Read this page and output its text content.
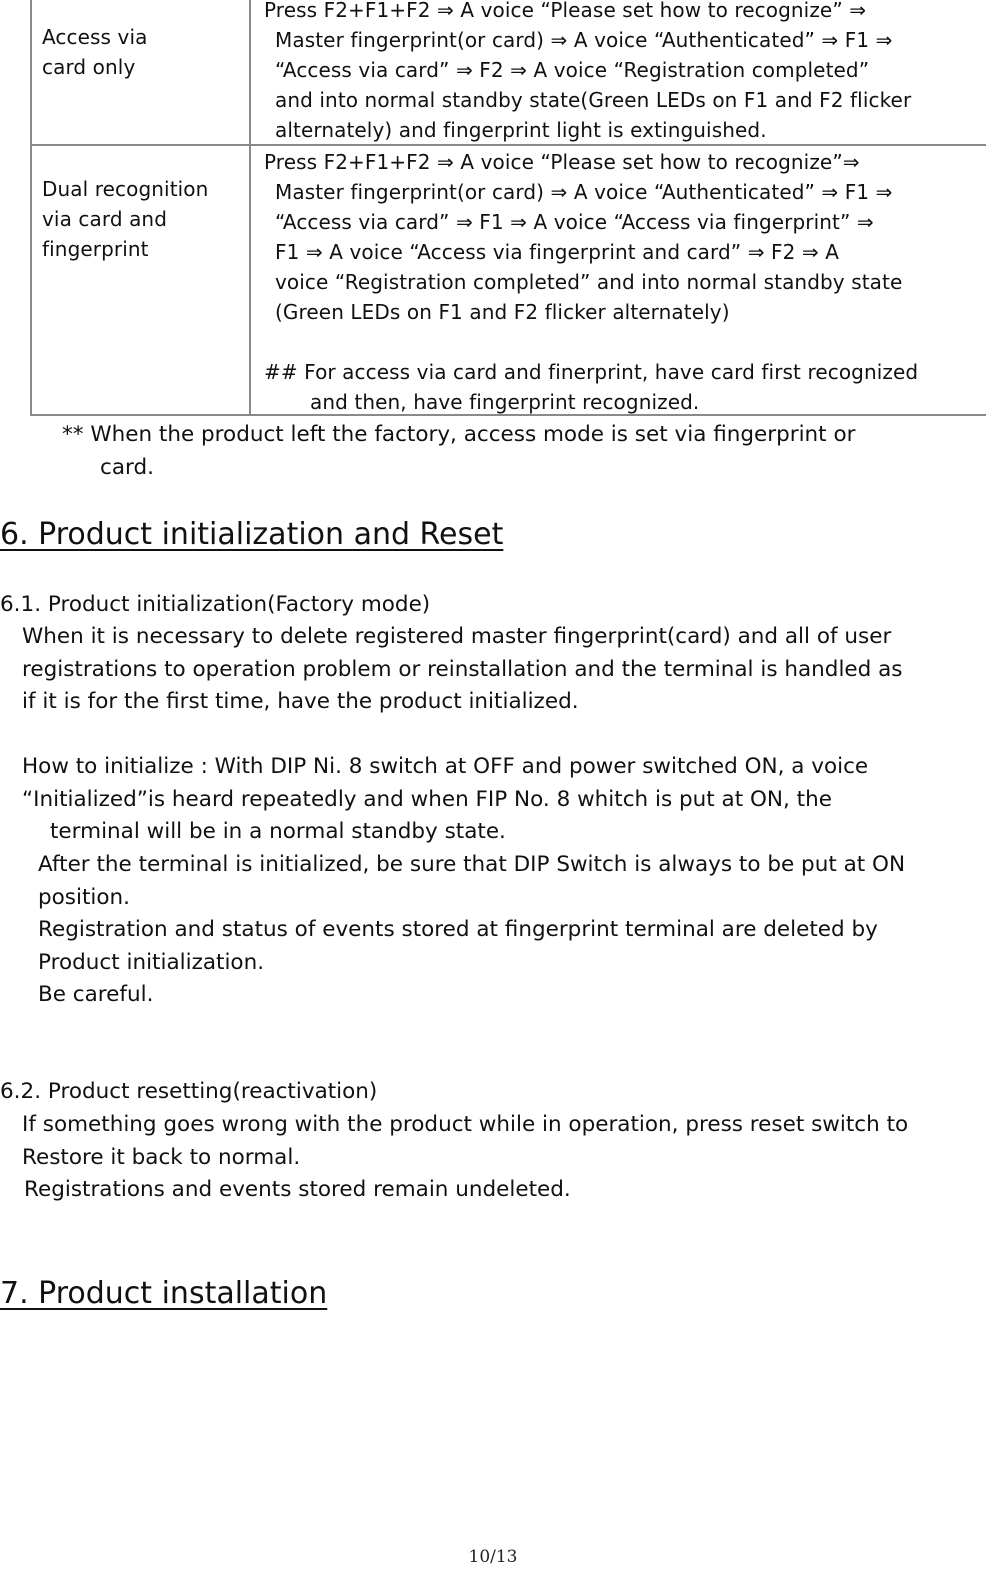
Access via
card only
Press F2+F1+F2 ⇒ A voice “Please set how to recognize” ⇒
Master fingerprint(or card) ⇒ A voice “Authenticated” ⇒ F1 ⇒
“Access via card” ⇒ F2 ⇒ A voice “Registration completed”
and into normal standby state(Green LEDs on F1 and F2 flicker
alternately) and fingerprint light is extinguished.
Dual recognition
via card and
fingerprint
Press F2+F1+F2 ⇒ A voice “Please set how to recognize”⇒
Master fingerprint(or card) ⇒ A voice “Authenticated” ⇒ F1 ⇒
“Access via card” ⇒ F1 ⇒ A voice “Access via fingerprint” ⇒
F1 ⇒ A voice “Access via fingerprint and card” ⇒ F2 ⇒ A
voice “Registration completed” and into normal standby state
(Green LEDs on F1 and F2 flicker alternately)
## For access via card and finerprint, have card first recognized
and then, have fingerprint recognized.
** When the product left the factory, access mode is set via fingerprint or
card.
6. Product initialization and Reset
6.1. Product initialization(Factory mode)
When it is necessary to delete registered master fingerprint(card) and all of user
registrations to operation problem or reinstallation and the terminal is handled as
if it is for the first time, have the product initialized.
How to initialize : With DIP Ni. 8 switch at OFF and power switched ON, a voice
“Initialized”is heard repeatedly and when FIP No. 8 whitch is put at ON, the
terminal will be in a normal standby state.
After the terminal is initialized, be sure that DIP Switch is always to be put at ON
position.
Registration and status of events stored at fingerprint terminal are deleted by
Product initialization.
Be careful.
6.2. Product resetting(reactivation)
If something goes wrong with the product while in operation, press reset switch to
Restore it back to normal.
Registrations and events stored remain undeleted.
7. Product installation
10/13
